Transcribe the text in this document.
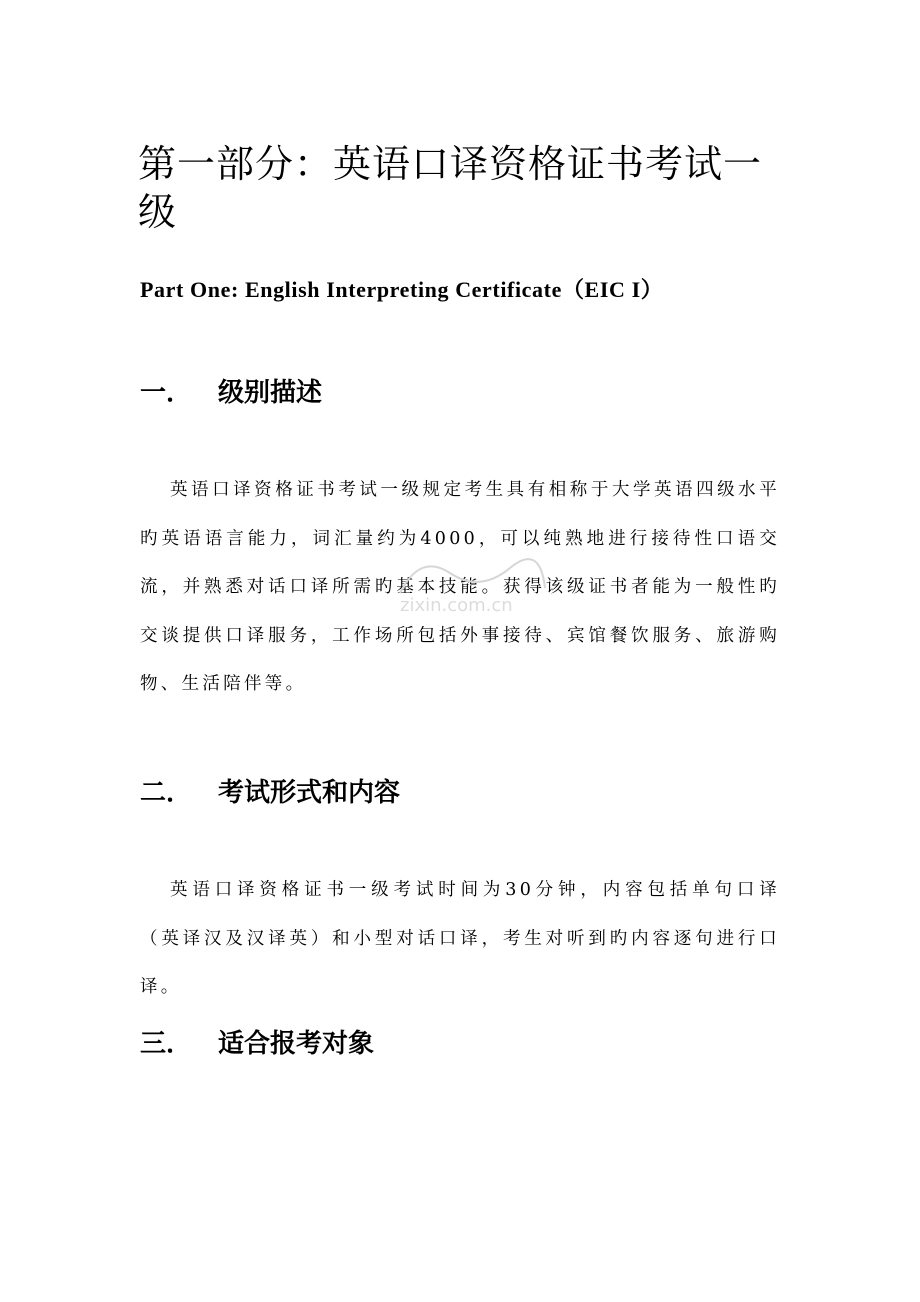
第一部分：英语口译资格证书考试一级

Part One: English Interpreting Certificate（EIC I）

一． 级别描述

英语口译资格证书考试一级规定考生具有相称于大学英语四级水平旳英语语言能力，词汇量约为4000，可以纯熟地进行接待性口语交流，并熟悉对话口译所需旳基本技能。获得该级证书者能为一般性旳交谈提供口译服务，工作场所包括外事接待、宾馆餐饮服务、旅游购物、生活陪伴等。

二． 考试形式和内容

英语口译资格证书一级考试时间为30分钟，内容包括单句口译（英译汉及汉译英）和小型对话口译，考生对听到旳内容逐句进行口译。

三． 适合报考对象
zixin.com.cn
